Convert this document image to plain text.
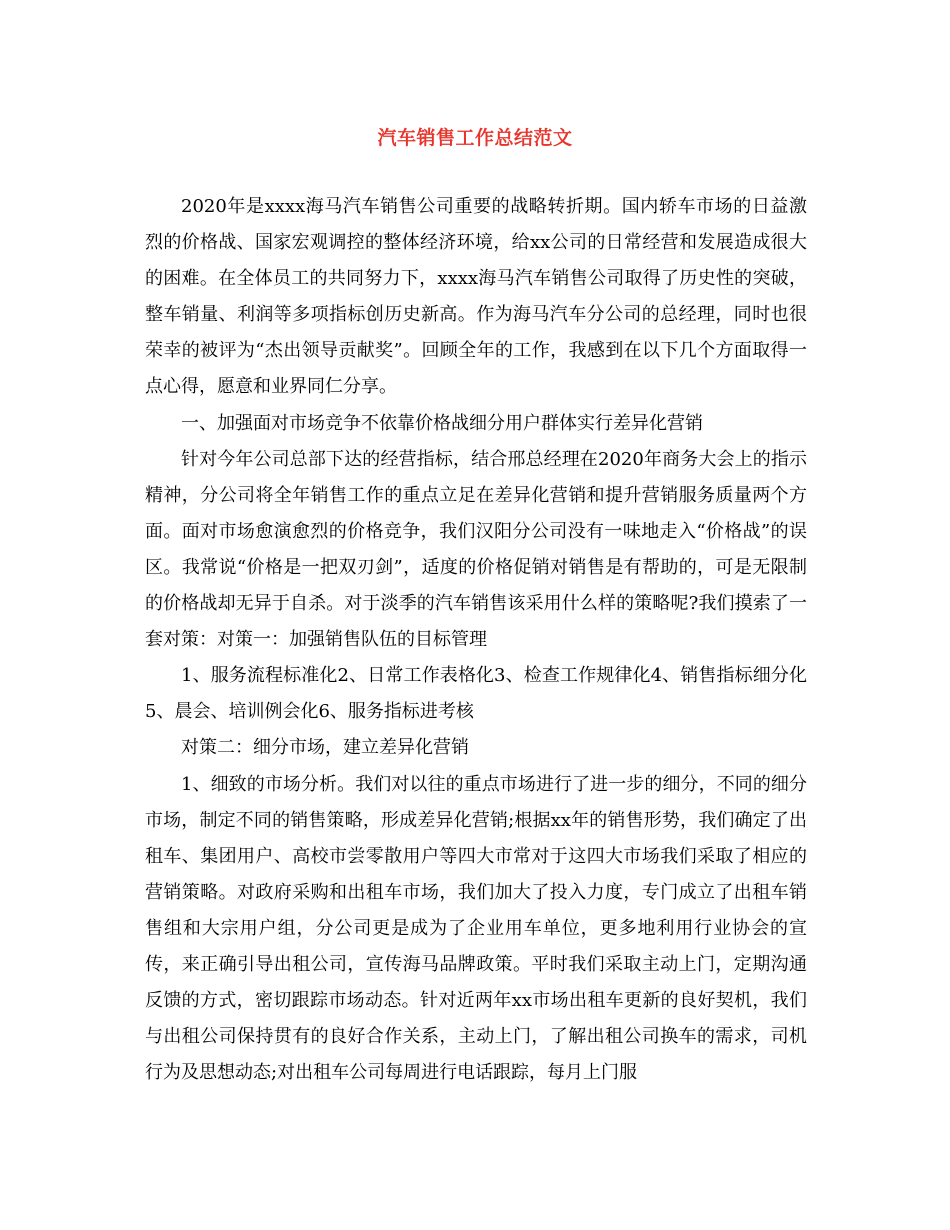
汽车销售工作总结范文

2020年是xxxx海马汽车销售公司重要的战略转折期。国内轿车市场的日益激烈的价格战、国家宏观调控的整体经济环境，给xx公司的日常经营和发展造成很大的困难。在全体员工的共同努力下，xxxx海马汽车销售公司取得了历史性的突破，整车销量、利润等多项指标创历史新高。作为海马汽车分公司的总经理，同时也很荣幸的被评为“杰出领导贡献奖”。回顾全年的工作，我感到在以下几个方面取得一点心得，愿意和业界同仁分享。

一、加强面对市场竞争不依靠价格战细分用户群体实行差异化营销

针对今年公司总部下达的经营指标，结合邢总经理在2020年商务大会上的指示精神，分公司将全年销售工作的重点立足在差异化营销和提升营销服务质量两个方面。面对市场愈演愈烈的价格竞争，我们汉阳分公司没有一味地走入“价格战”的误区。我常说“价格是一把双刃剑”，适度的价格促销对销售是有帮助的，可是无限制的价格战却无异于自杀。对于淡季的汽车销售该采用什么样的策略呢?我们摸索了一套对策：对策一：加强销售队伍的目标管理

1、服务流程标准化2、日常工作表格化3、检查工作规律化4、销售指标细分化5、晨会、培训例会化6、服务指标进考核

对策二：细分市场，建立差异化营销

1、细致的市场分析。我们对以往的重点市场进行了进一步的细分，不同的细分市场，制定不同的销售策略，形成差异化营销;根据xx年的销售形势，我们确定了出租车、集团用户、高校市尝零散用户等四大市常对于这四大市场我们采取了相应的营销策略。对政府采购和出租车市场，我们加大了投入力度，专门成立了出租车销售组和大宗用户组，分公司更是成为了企业用车单位，更多地利用行业协会的宣传，来正确引导出租公司，宣传海马品牌政策。平时我们采取主动上门，定期沟通反馈的方式，密切跟踪市场动态。针对近两年xx市场出租车更新的良好契机，我们与出租公司保持贯有的良好合作关系，主动上门，了解出租公司换车的需求，司机行为及思想动态;对出租车公司每周进行电话跟踪，每月上门服
